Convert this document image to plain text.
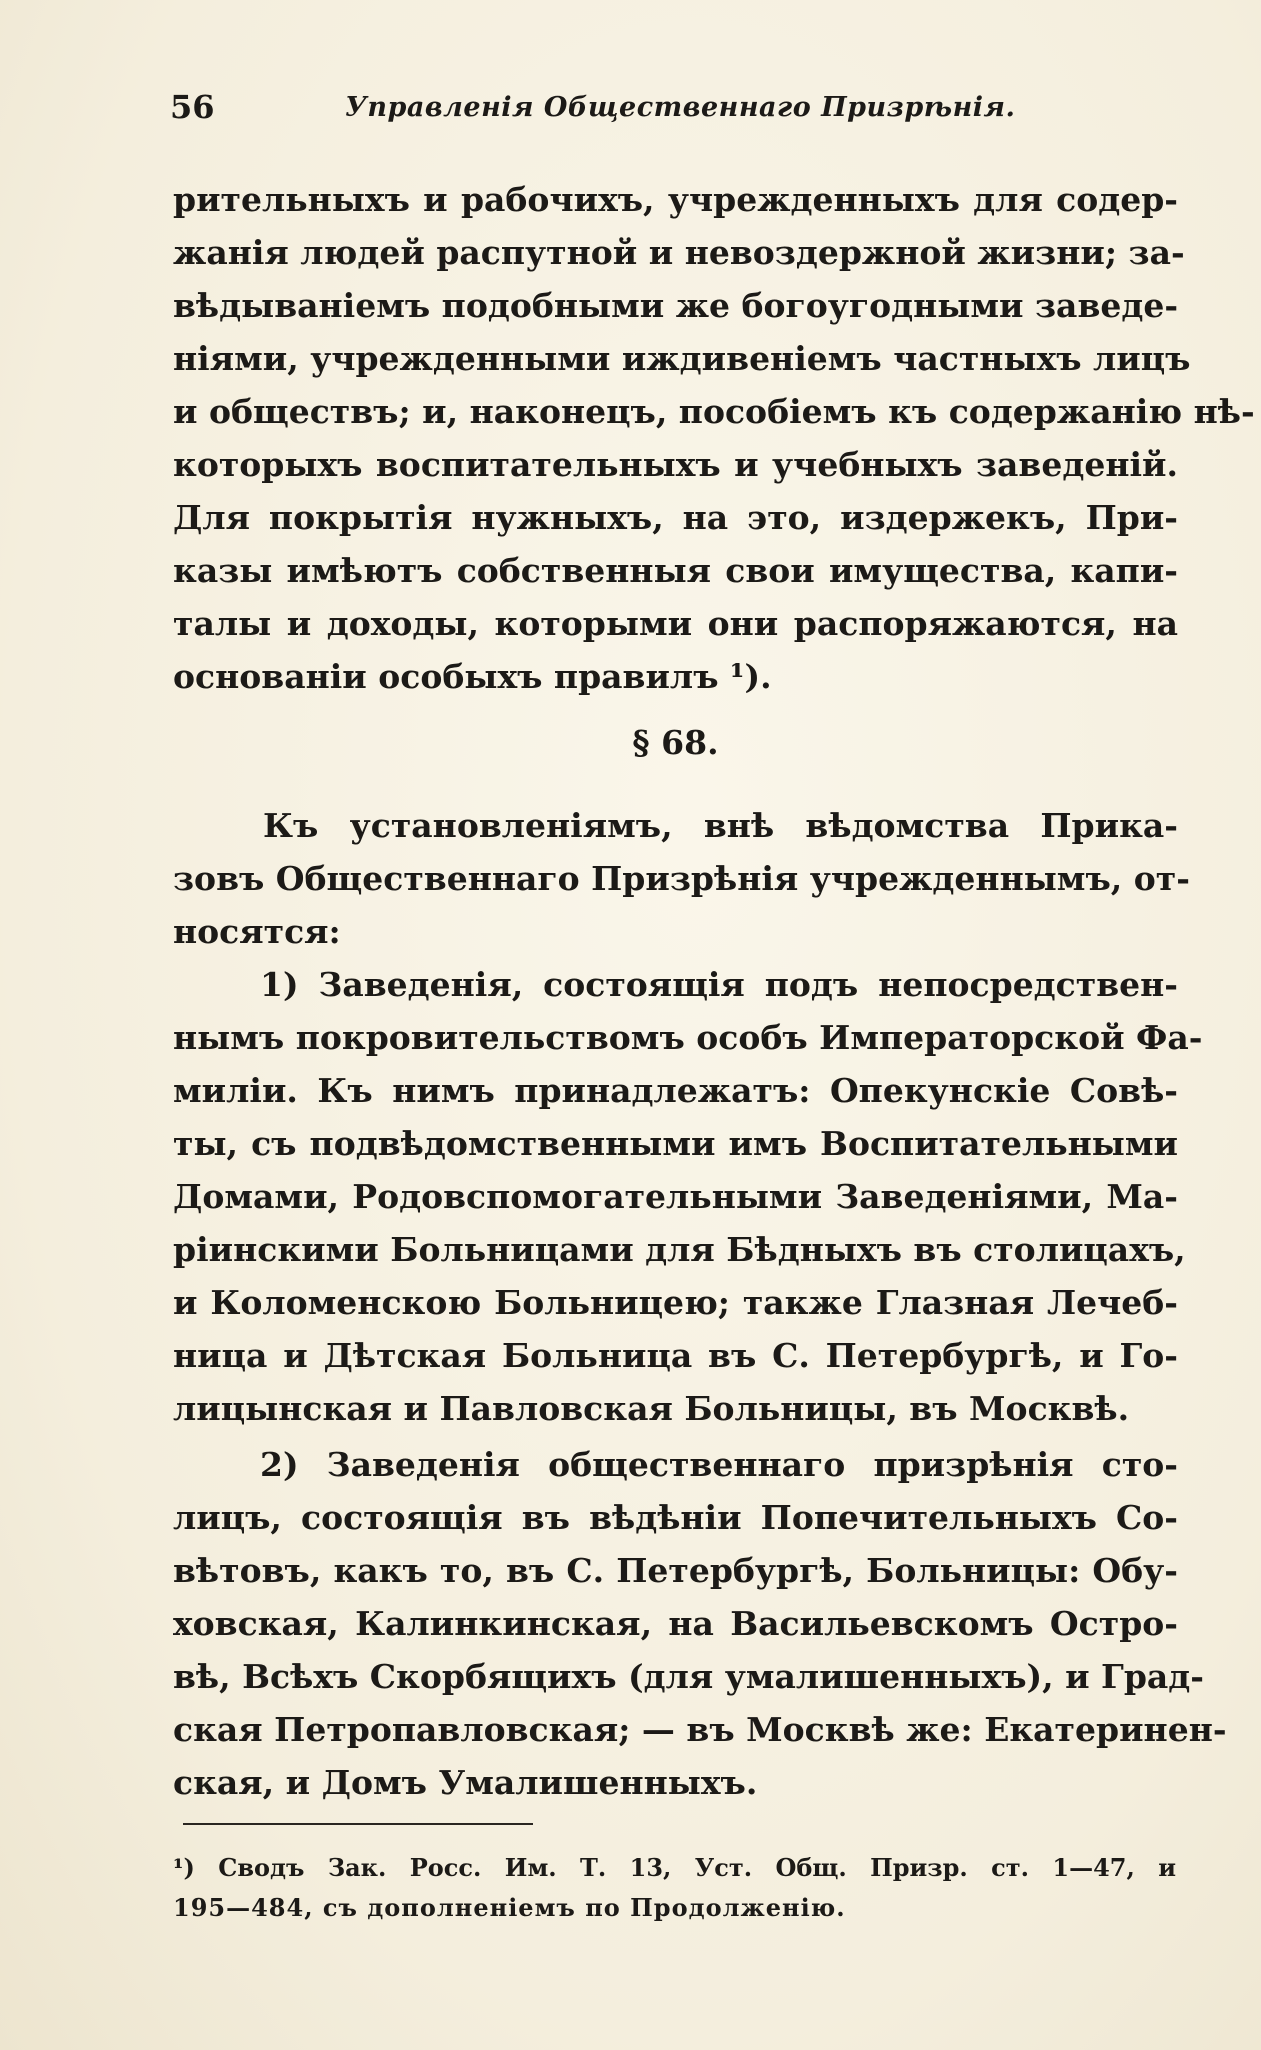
56	Управленія Общественнаго Призрѣнія.
рительныхъ и рабочихъ, учрежденныхъ для содер-
жанія людей распутной и невоздержной жизни; за-
вѣдываніемъ подобными же богоугодными заведе-
ніями, учрежденными иждивеніемъ частныхъ лицъ
и обществъ; и, наконецъ, пособіемъ къ содержанію нѣ-
которыхъ воспитательныхъ и учебныхъ заведеній.
Для покрытія нужныхъ, на это, издержекъ, При-
казы имѣютъ собственныя свои имущества, капи-
талы и доходы, которыми они распоряжаются, на
основаніи особыхъ правилъ ¹).
§ 68.
Къ установленіямъ, внѣ вѣдомства Прика-
зовъ Общественнаго Призрѣнія учрежденнымъ, от-
носятся:
1) Заведенія, состоящія подъ непосредствен-
нымъ покровительствомъ особъ Императорской Фа-
миліи. Къ нимъ принадлежатъ: Опекунскіе Совѣ-
ты, съ подвѣдомственными имъ Воспитательными
Домами, Родовспомогательными Заведеніями, Ма-
ріинскими Больницами для Бѣдныхъ въ столицахъ,
и Коломенскою Больницею; также Глазная Лечеб-
ница и Дѣтская Больница въ С. Петербургѣ, и Го-
лицынская и Павловская Больницы, въ Москвѣ.
2) Заведенія общественнаго призрѣнія сто-
лицъ, состоящія въ вѣдѣніи Попечительныхъ Со-
вѣтовъ, какъ то, въ С. Петербургѣ, Больницы: Обу-
ховская, Калинкинская, на Васильевскомъ Остро-
вѣ, Всѣхъ Скорбящихъ (для умалишенныхъ), и Град-
ская Петропавловская; — въ Москвѣ же: Екатеринен-
ская, и Домъ Умалишенныхъ.
¹) Сводъ Зак. Росс. Им. Т. 13, Уст. Общ. Призр. ст. 1—47, и
195—484, съ дополненіемъ по Продолженію.
